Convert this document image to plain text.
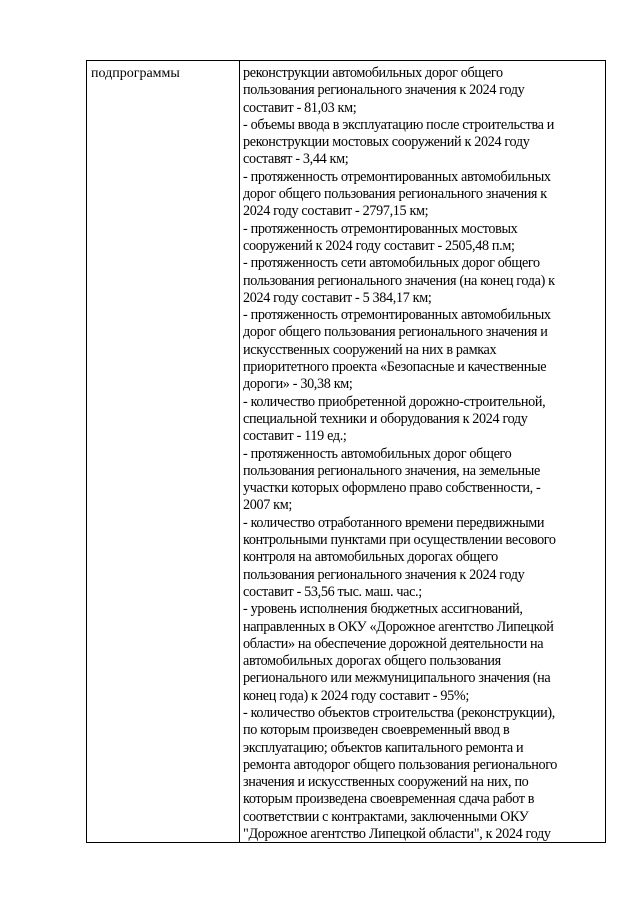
подпрограммы	реконструкции автомобильных дорог общего
пользования регионального значения к 2024 году
составит - 81,03 км;
- объемы ввода в эксплуатацию после строительства и
реконструкции мостовых сооружений к 2024 году
составят - 3,44 км;
- протяженность отремонтированных автомобильных
дорог общего пользования регионального значения к
2024 году составит - 2797,15 км;
- протяженность отремонтированных мостовых
сооружений к 2024 году составит - 2505,48 п.м;
- протяженность сети автомобильных дорог общего
пользования регионального значения (на конец года) к
2024 году составит - 5 384,17 км;
- протяженность отремонтированных автомобильных
дорог общего пользования регионального значения и
искусственных сооружений на них в рамках
приоритетного проекта «Безопасные и качественные
дороги» - 30,38 км;
- количество приобретенной дорожно-строительной,
специальной техники и оборудования к 2024 году
составит - 119 ед.;
- протяженность автомобильных дорог общего
пользования регионального значения, на земельные
участки которых оформлено право собственности, -
2007 км;
- количество отработанного времени передвижными
контрольными пунктами при осуществлении весового
контроля на автомобильных дорогах общего
пользования регионального значения к 2024 году
составит - 53,56 тыс. маш. час.;
- уровень исполнения бюджетных ассигнований,
направленных в ОКУ «Дорожное агентство Липецкой
области» на обеспечение дорожной деятельности на
автомобильных дорогах общего пользования
регионального или межмуниципального значения (на
конец года) к 2024 году составит - 95%;
- количество объектов строительства (реконструкции),
по которым произведен своевременный ввод в
эксплуатацию; объектов капитального ремонта и
ремонта автодорог общего пользования регионального
значения и искусственных сооружений на них, по
которым произведена своевременная сдача работ в
соответствии с контрактами, заключенными ОКУ
"Дорожное агентство Липецкой области", к 2024 году
